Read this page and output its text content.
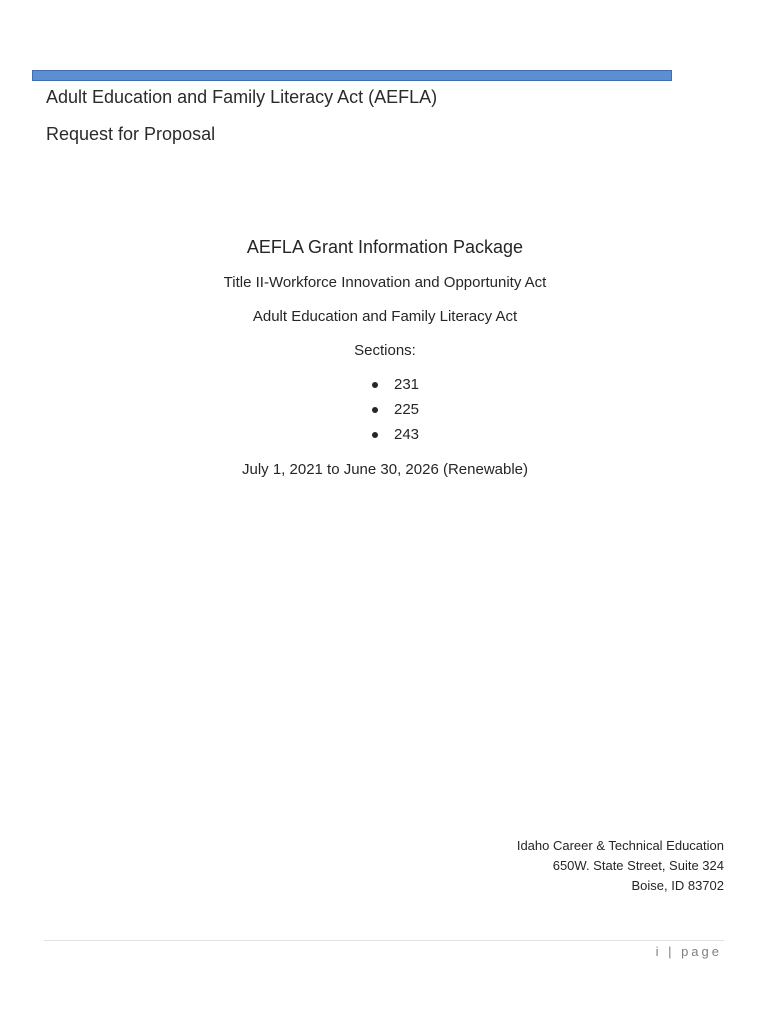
Adult Education and Family Literacy Act (AEFLA)
Request for Proposal
AEFLA Grant Information Package
Title II-Workforce Innovation and Opportunity Act
Adult Education and Family Literacy Act
Sections:
231
225
243
July 1, 2021 to June 30, 2026 (Renewable)
Idaho Career & Technical Education
650W. State Street, Suite 324
Boise, ID 83702
i | page
